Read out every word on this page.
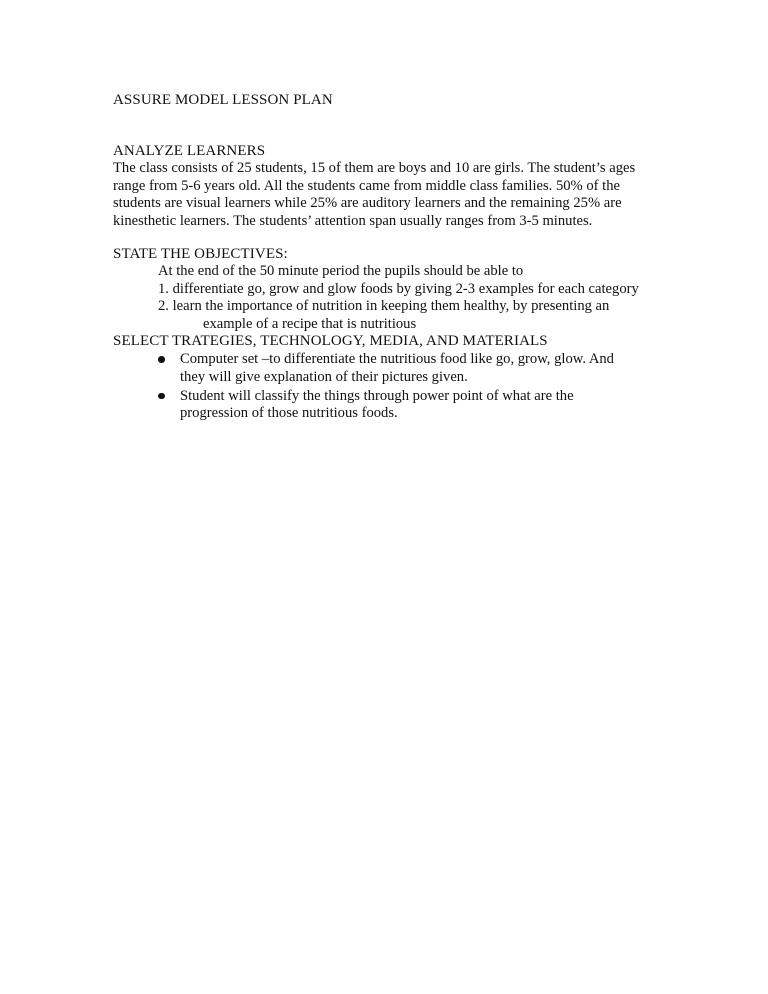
ASSURE MODEL LESSON PLAN

ANALYZE LEARNERS

The class consists of 25 students, 15 of them are boys and 10 are girls. The student’s ages

range from 5-6 years old. All the students came from middle class families. 50% of the

students are visual learners while 25% are auditory learners and the remaining 25% are

kinesthetic learners. The students’ attention span usually ranges from 3-5 minutes.

STATE THE OBJECTIVES:

At the end of the 50 minute period the pupils should be able to

1. differentiate go, grow and glow foods by giving 2-3 examples for each category

2. learn the importance of nutrition in keeping them healthy, by presenting an

example of a recipe that is nutritious

SELECT TRATEGIES, TECHNOLOGY, MEDIA, AND MATERIALS

Computer set –to differentiate the nutritious food like go, grow, glow. And

they will give explanation of their pictures given.

Student will classify the things through power point of what are the

progression of those nutritious foods.
